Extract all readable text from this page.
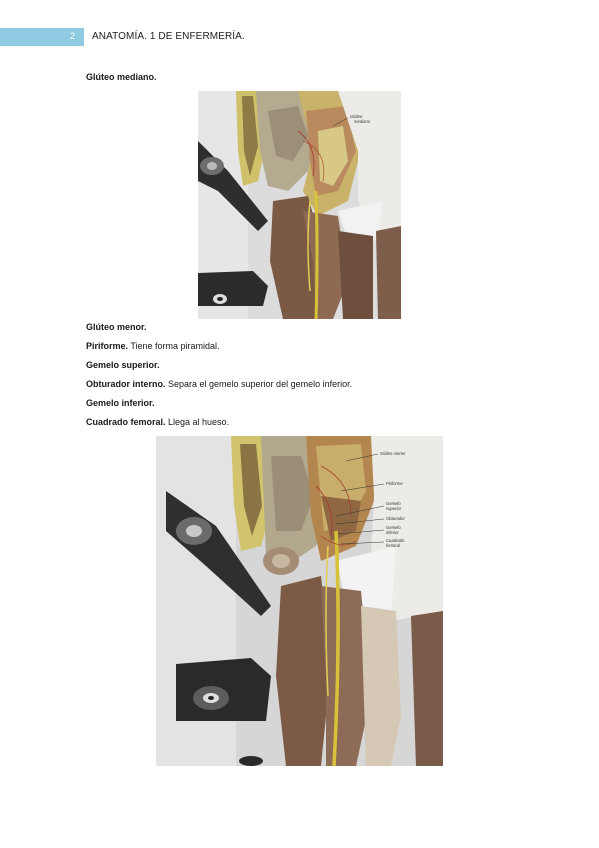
2 ANATOMÍA. 1 DE ENFERMERÍA.
Glúteo mediano.
Glúteo
mediano
Glúteo menor.
Piriforme. Tiene forma piramidal.
Gemelo superior.
Obturador interno. Separa el gemelo superior del gemelo inferior.
Gemelo inferior.
Cuadrado femoral. Llega al hueso.
Glúteo menor
Piriforme
Gemelo
superior
Obturador
Gemelo
inferior
Cuadrado
femoral
